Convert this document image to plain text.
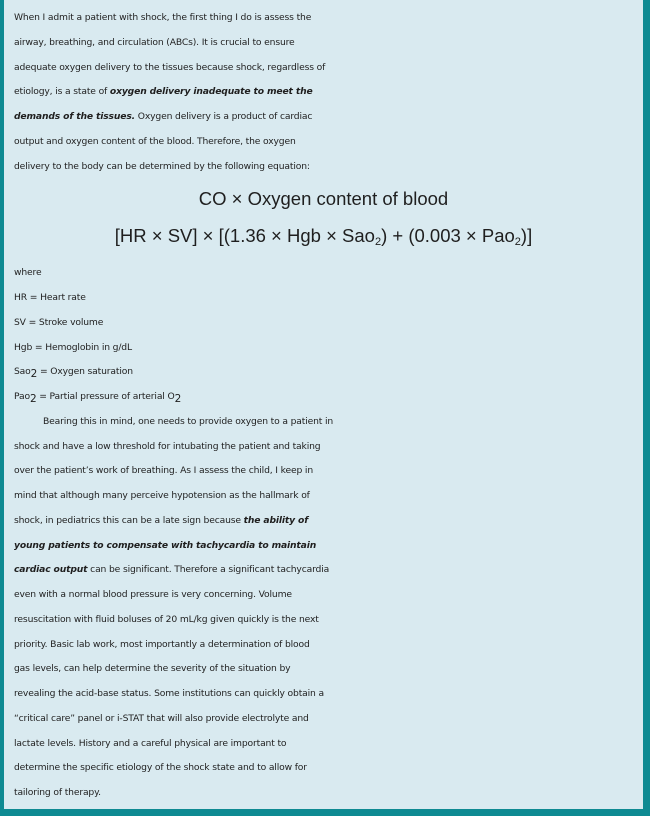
When I admit a patient with shock, the first thing I do is assess the
airway, breathing, and circulation (ABCs). It is crucial to ensure
adequate oxygen delivery to the tissues because shock, regardless of
etiology, is a state of oxygen delivery inadequate to meet the
demands of the tissues. Oxygen delivery is a product of cardiac
output and oxygen content of the blood. Therefore, the oxygen
delivery to the body can be determined by the following equation:

CO × Oxygen content of blood
[HR × SV] × [(1.36 × Hgb × Sao$_2$) + (0.003 × Pao$_2$)]

where
HR = Heart rate
SV = Stroke volume
Hgb = Hemoglobin in g/dL
Sao$_2$ = Oxygen saturation
Pao$_2$ = Partial pressure of arterial $O_2$

Bearing this in mind, one needs to provide oxygen to a patient in
shock and have a low threshold for intubating the patient and taking
over the patient’s work of breathing. As I assess the child, I keep in
mind that although many perceive hypotension as the hallmark of
shock, in pediatrics this can be a late sign because the ability of
young patients to compensate with tachycardia to maintain
cardiac output can be significant. Therefore a significant tachycardia
even with a normal blood pressure is very concerning. Volume
resuscitation with fluid boluses of 20 mL/kg given quickly is the next
priority. Basic lab work, most importantly a determination of blood
gas levels, can help determine the severity of the situation by
revealing the acid-base status. Some institutions can quickly obtain a
“critical care” panel or i-STAT that will also provide electrolyte and
lactate levels. History and a careful physical are important to
determine the specific etiology of the shock state and to allow for
tailoring of therapy.
